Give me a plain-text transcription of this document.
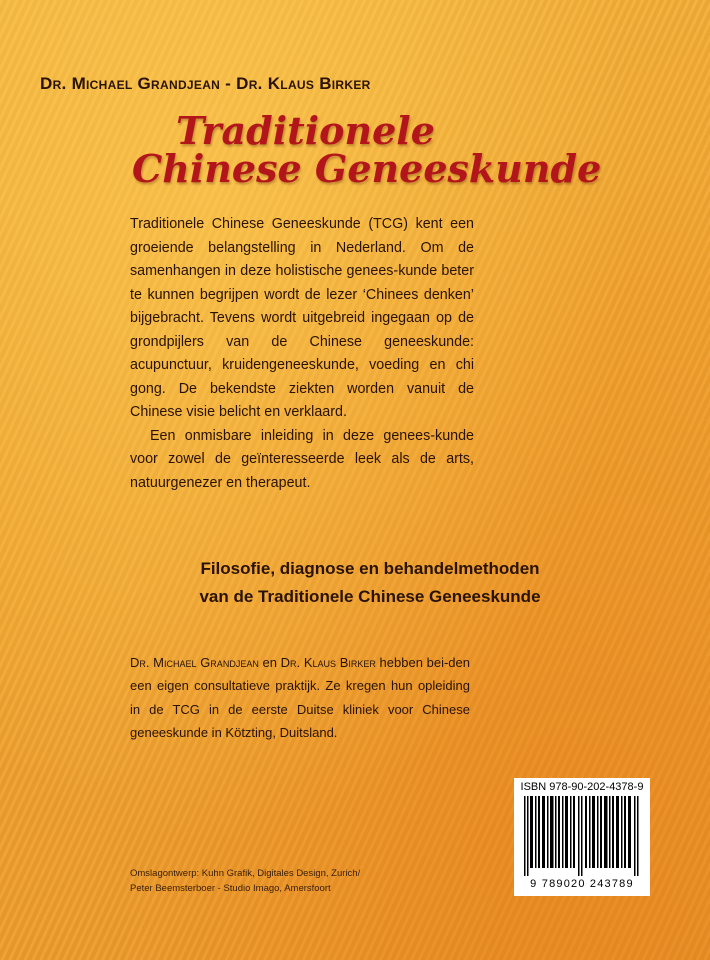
Dr. Michael Grandjean - Dr. Klaus Birker
Traditionele
Chinese Geneeskunde

Traditionele Chinese Geneeskunde (TCG) kent een groeiende belangstelling in Nederland. Om de samenhangen in deze holistische genees-kunde beter te kunnen begrijpen wordt de lezer ‘Chinees denken’ bijgebracht. Tevens wordt uitgebreid ingegaan op de grondpijlers van de Chinese geneeskunde: acupunctuur, kruidengeneeskunde, voeding en chi gong. De bekendste ziekten worden vanuit de Chinese visie belicht en verklaard.

Een onmisbare inleiding in deze genees-kunde voor zowel de geïnteresseerde leek als de arts, natuurgenezer en therapeut.

Filosofie, diagnose en behandelmethoden
van de Traditionele Chinese Geneeskunde
Dr. Michael Grandjean en Dr. Klaus Birker hebben bei-den een eigen consultatieve praktijk. Ze kregen hun opleiding in de TCG in de eerste Duitse kliniek voor Chinese geneeskunde in Kötzting, Duitsland.
Omslagontwerp: Kuhn Grafik, Digitales Design, Zurich/
Peter Beemsterboer - Studio Imago, Amersfoort
ISBN 978-90-202-4378-9
9 789020 243789
